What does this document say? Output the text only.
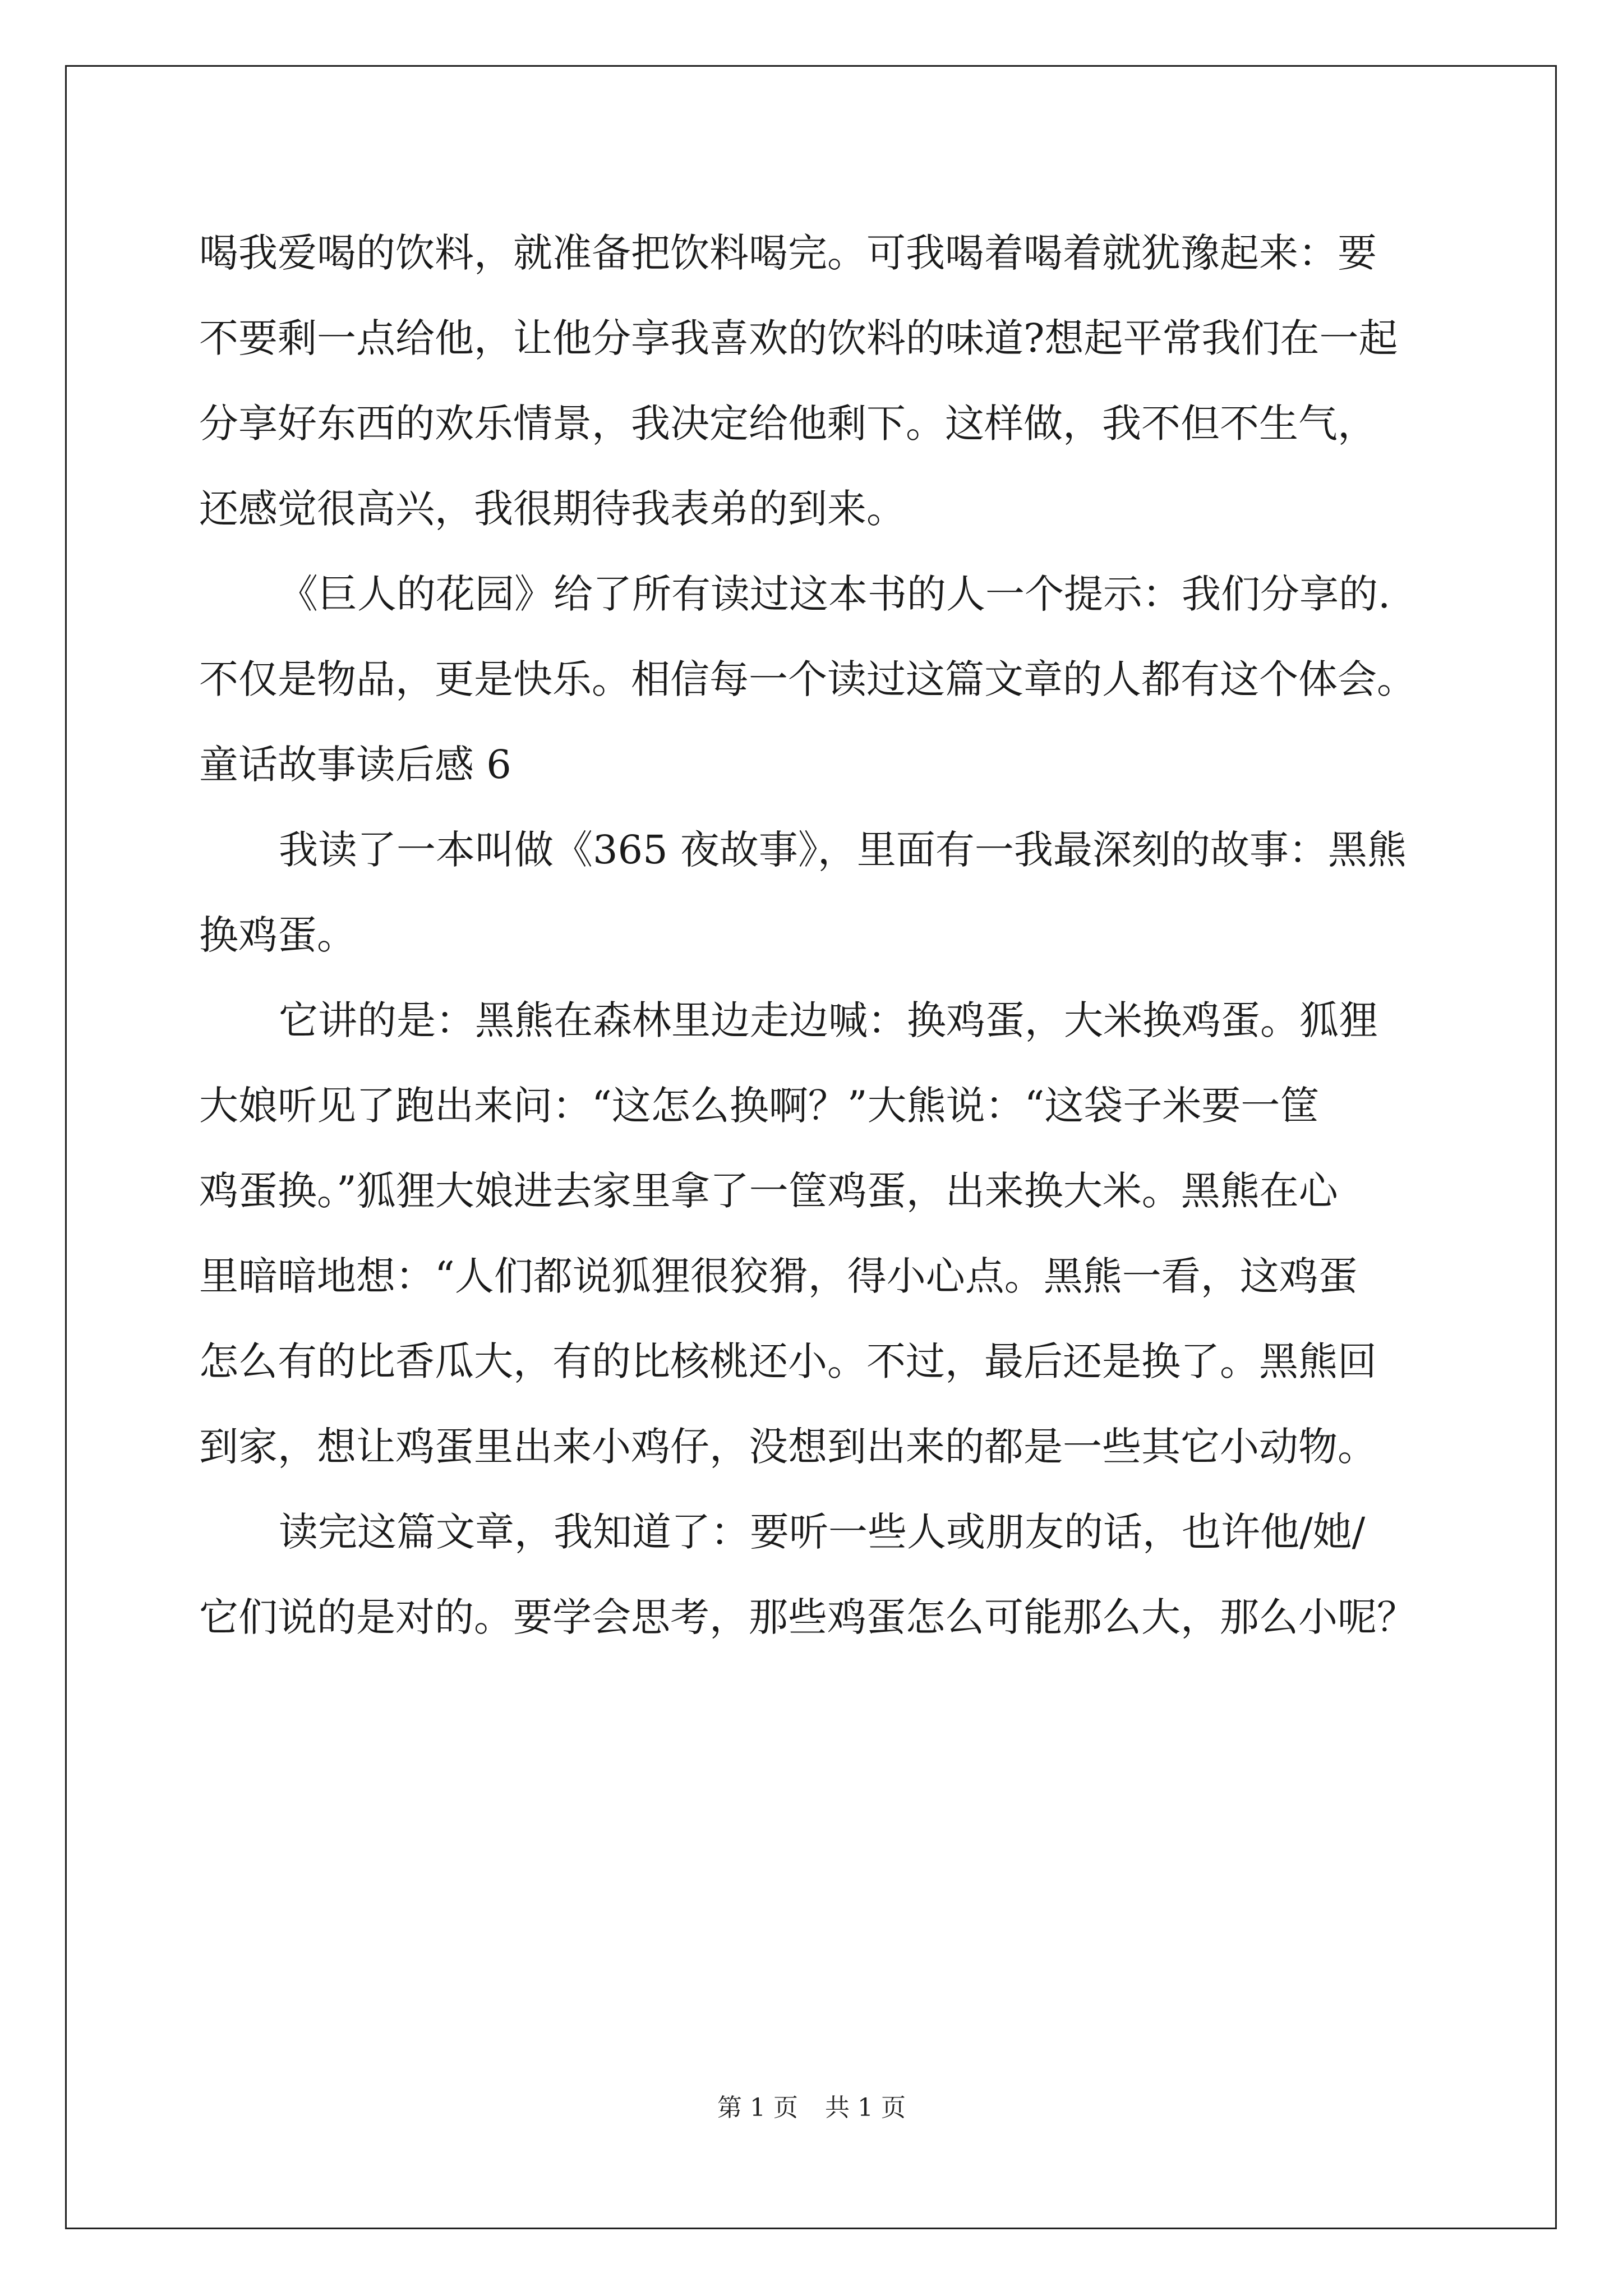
喝我爱喝的饮料，就准备把饮料喝完。可我喝着喝着就犹豫起来：要
不要剩一点给他，让他分享我喜欢的饮料的味道?想起平常我们在一起
分享好东西的欢乐情景，我决定给他剩下。这样做，我不但不生气，
还感觉很高兴，我很期待我表弟的到来。
《巨人的花园》给了所有读过这本书的人一个提示：我们分享的.
不仅是物品，更是快乐。相信每一个读过这篇文章的人都有这个体会。
童话故事读后感 6
我读了一本叫做《365 夜故事》，里面有一我最深刻的故事：黑熊
换鸡蛋。
它讲的是：黑熊在森林里边走边喊：换鸡蛋，大米换鸡蛋。狐狸
大娘听见了跑出来问：“这怎么换啊？”大熊说：“这袋子米要一筐
鸡蛋换。”狐狸大娘进去家里拿了一筐鸡蛋，出来换大米。黑熊在心
里暗暗地想：“人们都说狐狸很狡猾，得小心点。黑熊一看，这鸡蛋
怎么有的比香瓜大，有的比核桃还小。不过，最后还是换了。黑熊回
到家，想让鸡蛋里出来小鸡仔，没想到出来的都是一些其它小动物。
读完这篇文章，我知道了：要听一些人或朋友的话，也许他/她/
它们说的是对的。要学会思考，那些鸡蛋怎么可能那么大，那么小呢？
第 1 页 共 1 页
